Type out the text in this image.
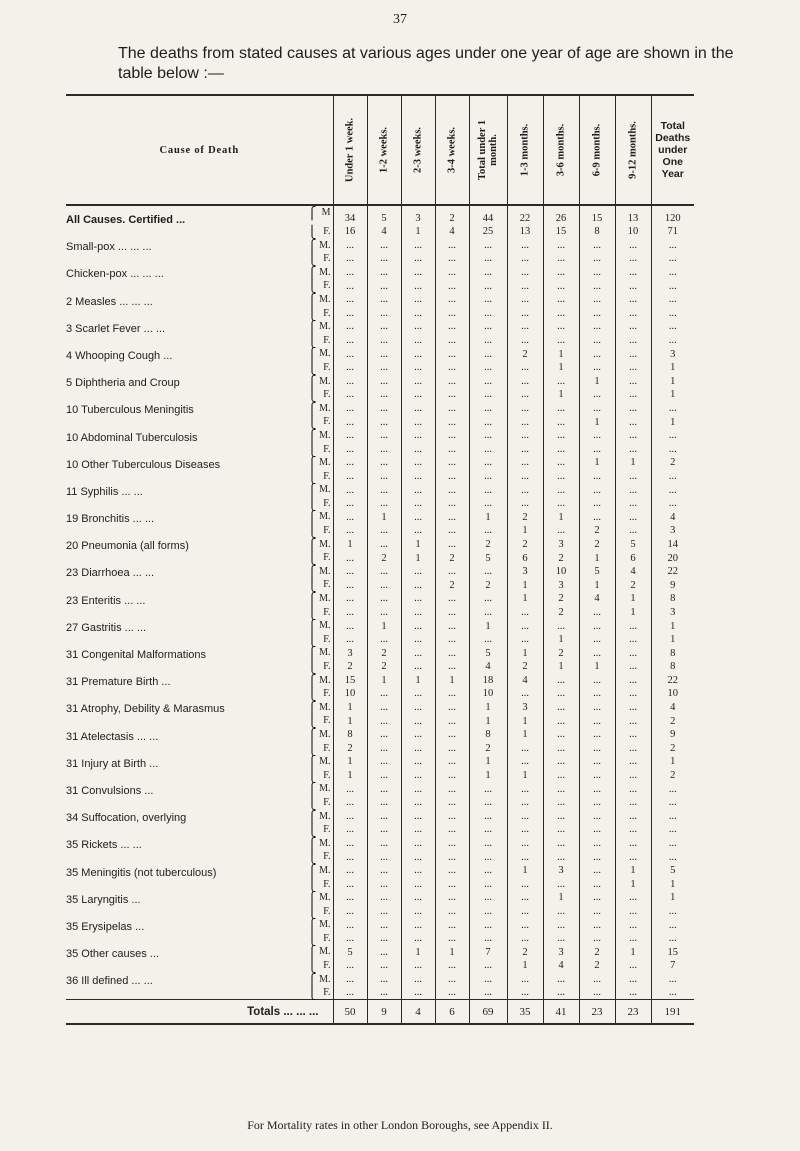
37
The deaths from stated causes at various ages under one year of age are shown in the table below :—
Cause of Death	Under 1 week.	1-2 weeks.	2-3 weeks.	3-4 weeks.	Total under 1 month.	1-3 months.	3-6 months.	6-9 months.	9-12 months.	Total
Deaths
under
One
Year

All Causes. Certified ... ⎧ M	34	5	3	2	44	22	26	15	13	120

⎩ F.	16	4	1	4	25	13	15	8	10	71

Small-pox ... ... ... ⎧ M.	...	...	...	...	...	...	...	...	...	...

⎩ F.	...	...	...	...	...	...	...	...	...	...

Chicken-pox ... ... ... ⎧ M.	...	...	...	...	...	...	...	...	...	...

⎩ F.	...	...	...	...	...	...	...	...	...	...

2 Measles ... ... ... ⎧ M.	...	...	...	...	...	...	...	...	...	...

⎩ F.	...	...	...	...	...	...	...	...	...	...

3 Scarlet Fever ... ... ⎧ M.	...	...	...	...	...	...	...	...	...	...

⎩ F.	...	...	...	...	...	...	...	...	...	...

4 Whooping Cough ... ⎧ M.	...	...	...	...	...	2	1	...	...	3

⎩ F.	...	...	...	...	...	...	1	...	...	1

5 Diphtheria and Croup ⎧ M.	...	...	...	...	...	...	...	1	...	1

⎩ F.	...	...	...	...	...	...	1	...	...	1

10 Tuberculous Meningitis ⎧ M.	...	...	...	...	...	...	...	...	...	...

⎩ F.	...	...	...	...	...	...	...	1	...	1

10 Abdominal Tuberculosis ⎧ M.	...	...	...	...	...	...	...	...	...	...

⎩ F.	...	...	...	...	...	...	...	...	...	...

10 Other Tuberculous Diseases ⎧ M.	...	...	...	...	...	...	...	1	1	2

⎩ F.	...	...	...	...	...	...	...	...	...	...

11 Syphilis ... ... ⎧ M.	...	...	...	...	...	...	...	...	...	...

⎩ F.	...	...	...	...	...	...	...	...	...	...

19 Bronchitis ... ... ⎧ M.	...	1	...	...	1	2	1	...	...	4

⎩ F.	...	...	...	...	...	1	...	2	...	3

20 Pneumonia (all forms) ⎧ M.	1	...	1	...	2	2	3	2	5	14

⎩ F.	...	2	1	2	5	6	2	1	6	20

23 Diarrhoea ... ... ⎧ M.	...	...	...	...	...	3	10	5	4	22

⎩ F.	...	...	...	2	2	1	3	1	2	9

23 Enteritis ... ... ⎧ M.	...	...	...	...	...	1	2	4	1	8

⎩ F.	...	...	...	...	...	...	2	...	1	3

27 Gastritis ... ... ⎧ M.	...	1	...	...	1	...	...	...	...	1

⎩ F.	...	...	...	...	...	...	1	...	...	1

31 Congenital Malformations ⎧ M.	3	2	...	...	5	1	2	...	...	8

⎩ F.	2	2	...	...	4	2	1	1	...	8

31 Premature Birth ... ⎧ M.	15	1	1	1	18	4	...	...	...	22

⎩ F.	10	...	...	...	10	...	...	...	...	10

31 Atrophy, Debility & Marasmus ⎧ M.	1	...	...	...	1	3	...	...	...	4

⎩ F.	1	...	...	...	1	1	...	...	...	2

31 Atelectasis ... ... ⎧ M.	8	...	...	...	8	1	...	...	...	9

⎩ F.	2	...	...	...	2	...	...	...	...	2

31 Injury at Birth ... ⎧ M.	1	...	...	...	1	...	...	...	...	1

⎩ F.	1	...	...	...	1	1	...	...	...	2

31 Convulsions ... ⎧ M.	...	...	...	...	...	...	...	...	...	...

⎩ F.	...	...	...	...	...	...	...	...	...	...

34 Suffocation, overlying ⎧ M.	...	...	...	...	...	...	...	...	...	...

⎩ F.	...	...	...	...	...	...	...	...	...	...

35 Rickets ... ... ⎧ M.	...	...	...	...	...	...	...	...	...	...

⎩ F.	...	...	...	...	...	...	...	...	...	...

35 Meningitis (not tuberculous) ⎧ M.	...	...	...	...	...	1	3	...	1	5

⎩ F.	...	...	...	...	...	...	...	...	1	1

35 Laryngitis ... ⎧ M.	...	...	...	...	...	...	1	...	...	1

⎩ F.	...	...	...	...	...	...	...	...	...	...

35 Erysipelas ... ⎧ M.	...	...	...	...	...	...	...	...	...	...

⎩ F.	...	...	...	...	...	...	...	...	...	...

35 Other causes ... ⎧ M.	5	...	1	1	7	2	3	2	1	15

⎩ F.	...	...	...	...	...	1	4	2	...	7

36 Ill defined ... ... ⎧ M.	...	...	...	...	...	...	...	...	...	...

⎩ F.	...	...	...	...	...	...	...	...	...	...
Totals ... ... ...	50	9	4	6	69	35	41	23	23	191
For Mortality rates in other London Boroughs, see Appendix II.
